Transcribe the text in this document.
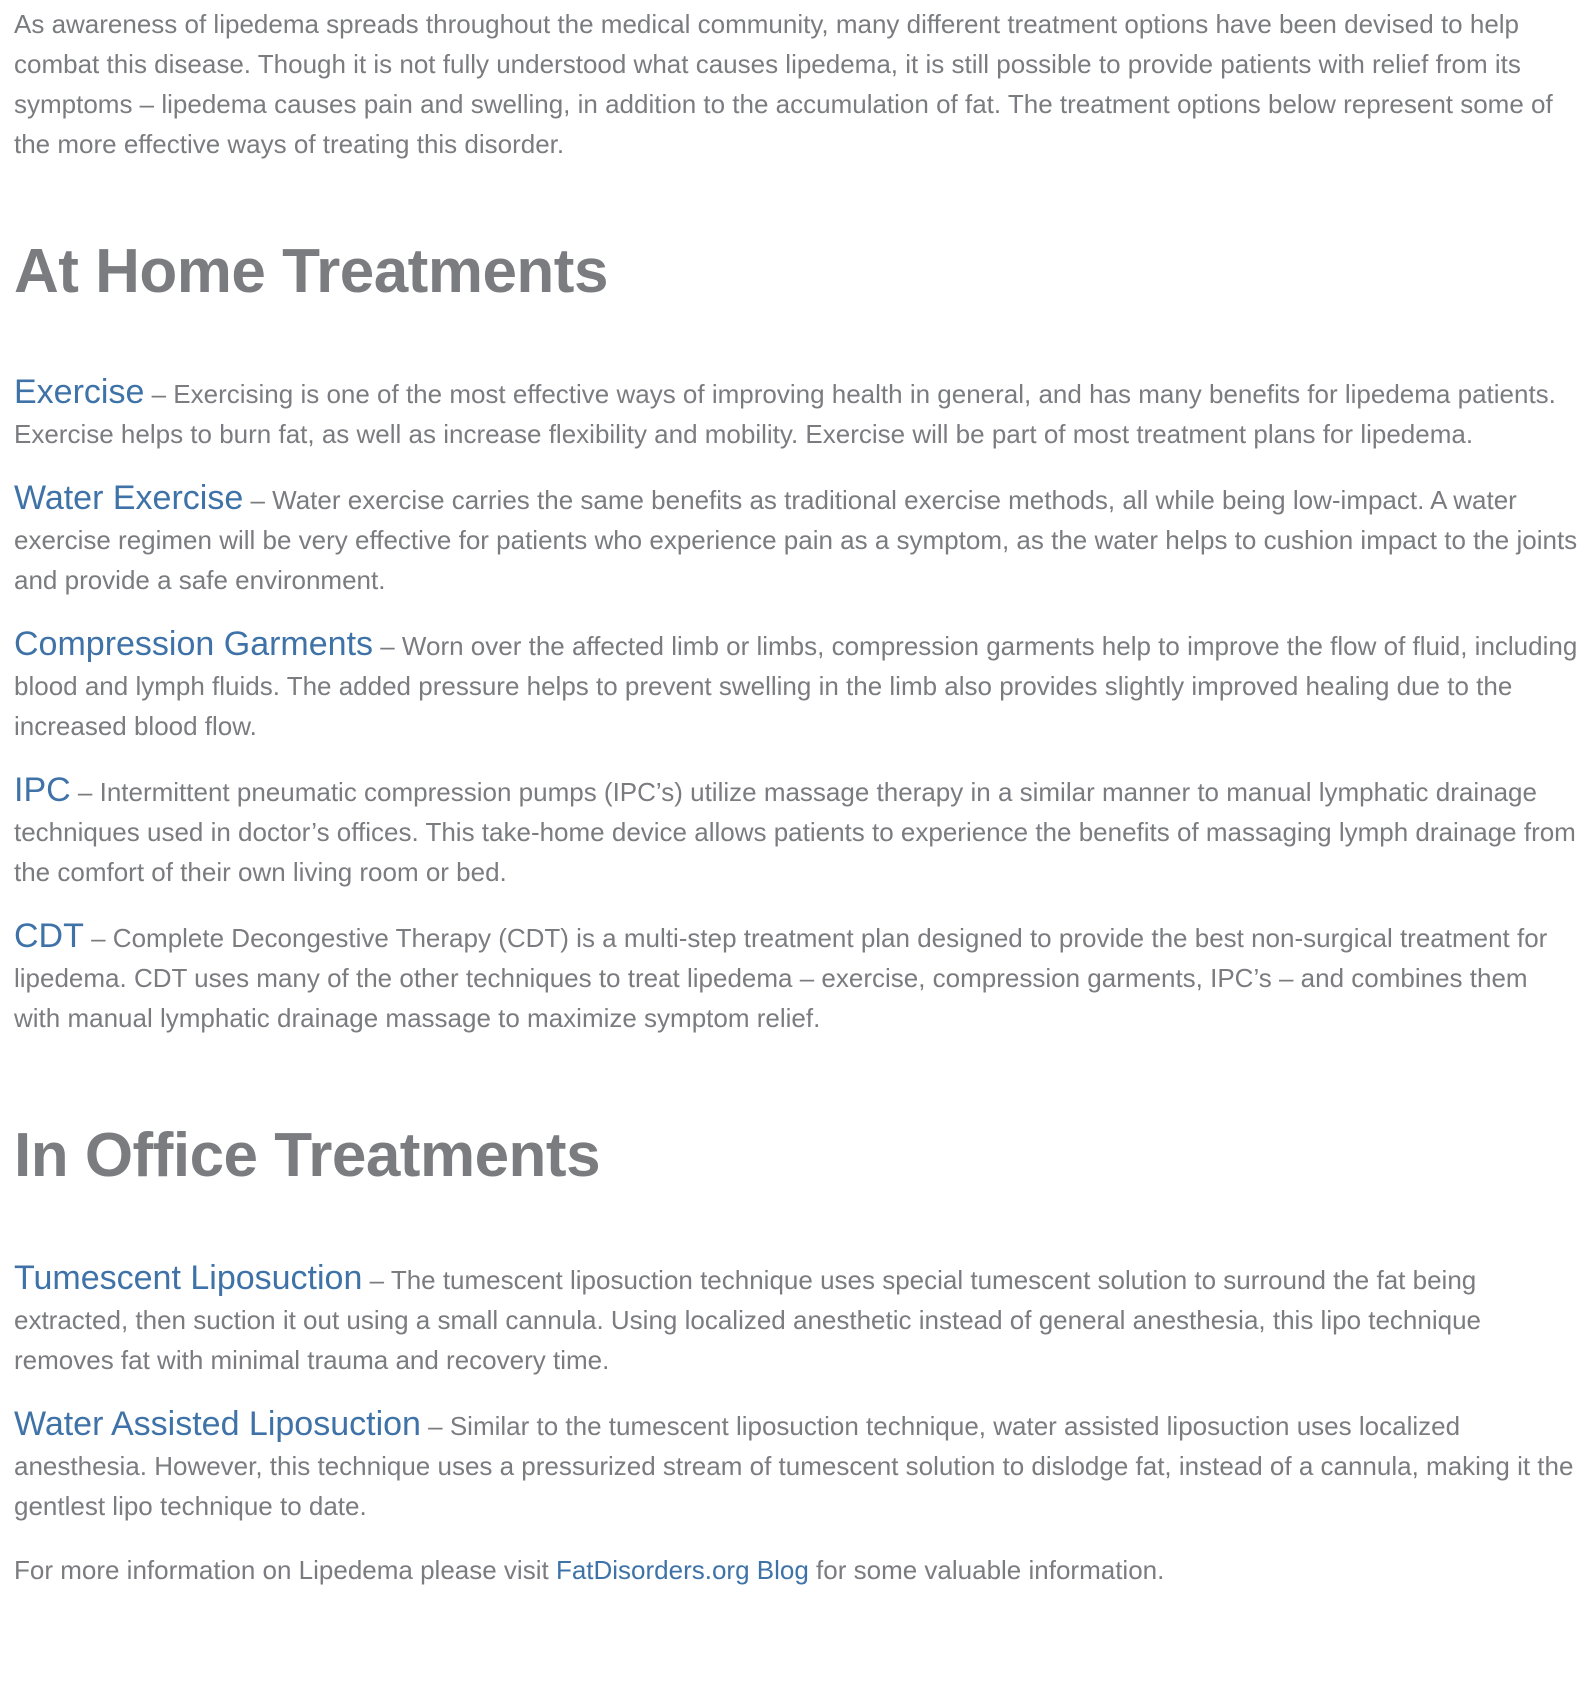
As awareness of lipedema spreads throughout the medical community, many different treatment options have been devised to help combat this disease. Though it is not fully understood what causes lipedema, it is still possible to provide patients with relief from its symptoms – lipedema causes pain and swelling, in addition to the accumulation of fat. The treatment options below represent some of the more effective ways of treating this disorder.

At Home Treatments

Exercise – Exercising is one of the most effective ways of improving health in general, and has many benefits for lipedema patients. Exercise helps to burn fat, as well as increase flexibility and mobility. Exercise will be part of most treatment plans for lipedema.

Water Exercise – Water exercise carries the same benefits as traditional exercise methods, all while being low-impact. A water exercise regimen will be very effective for patients who experience pain as a symptom, as the water helps to cushion impact to the joints and provide a safe environment.

Compression Garments – Worn over the affected limb or limbs, compression garments help to improve the flow of fluid, including blood and lymph fluids. The added pressure helps to prevent swelling in the limb also provides slightly improved healing due to the increased blood flow.

IPC – Intermittent pneumatic compression pumps (IPC’s) utilize massage therapy in a similar manner to manual lymphatic drainage techniques used in doctor’s offices. This take-home device allows patients to experience the benefits of massaging lymph drainage from the comfort of their own living room or bed.

CDT – Complete Decongestive Therapy (CDT) is a multi-step treatment plan designed to provide the best non-surgical treatment for lipedema. CDT uses many of the other techniques to treat lipedema – exercise, compression garments, IPC’s – and combines them with manual lymphatic drainage massage to maximize symptom relief.

In Office Treatments

Tumescent Liposuction – The tumescent liposuction technique uses special tumescent solution to surround the fat being extracted, then suction it out using a small cannula. Using localized anesthetic instead of general anesthesia, this lipo technique removes fat with minimal trauma and recovery time.

Water Assisted Liposuction – Similar to the tumescent liposuction technique, water assisted liposuction uses localized anesthesia. However, this technique uses a pressurized stream of tumescent solution to dislodge fat, instead of a cannula, making it the gentlest lipo technique to date.

For more information on Lipedema please visit FatDisorders.org Blog for some valuable information.
